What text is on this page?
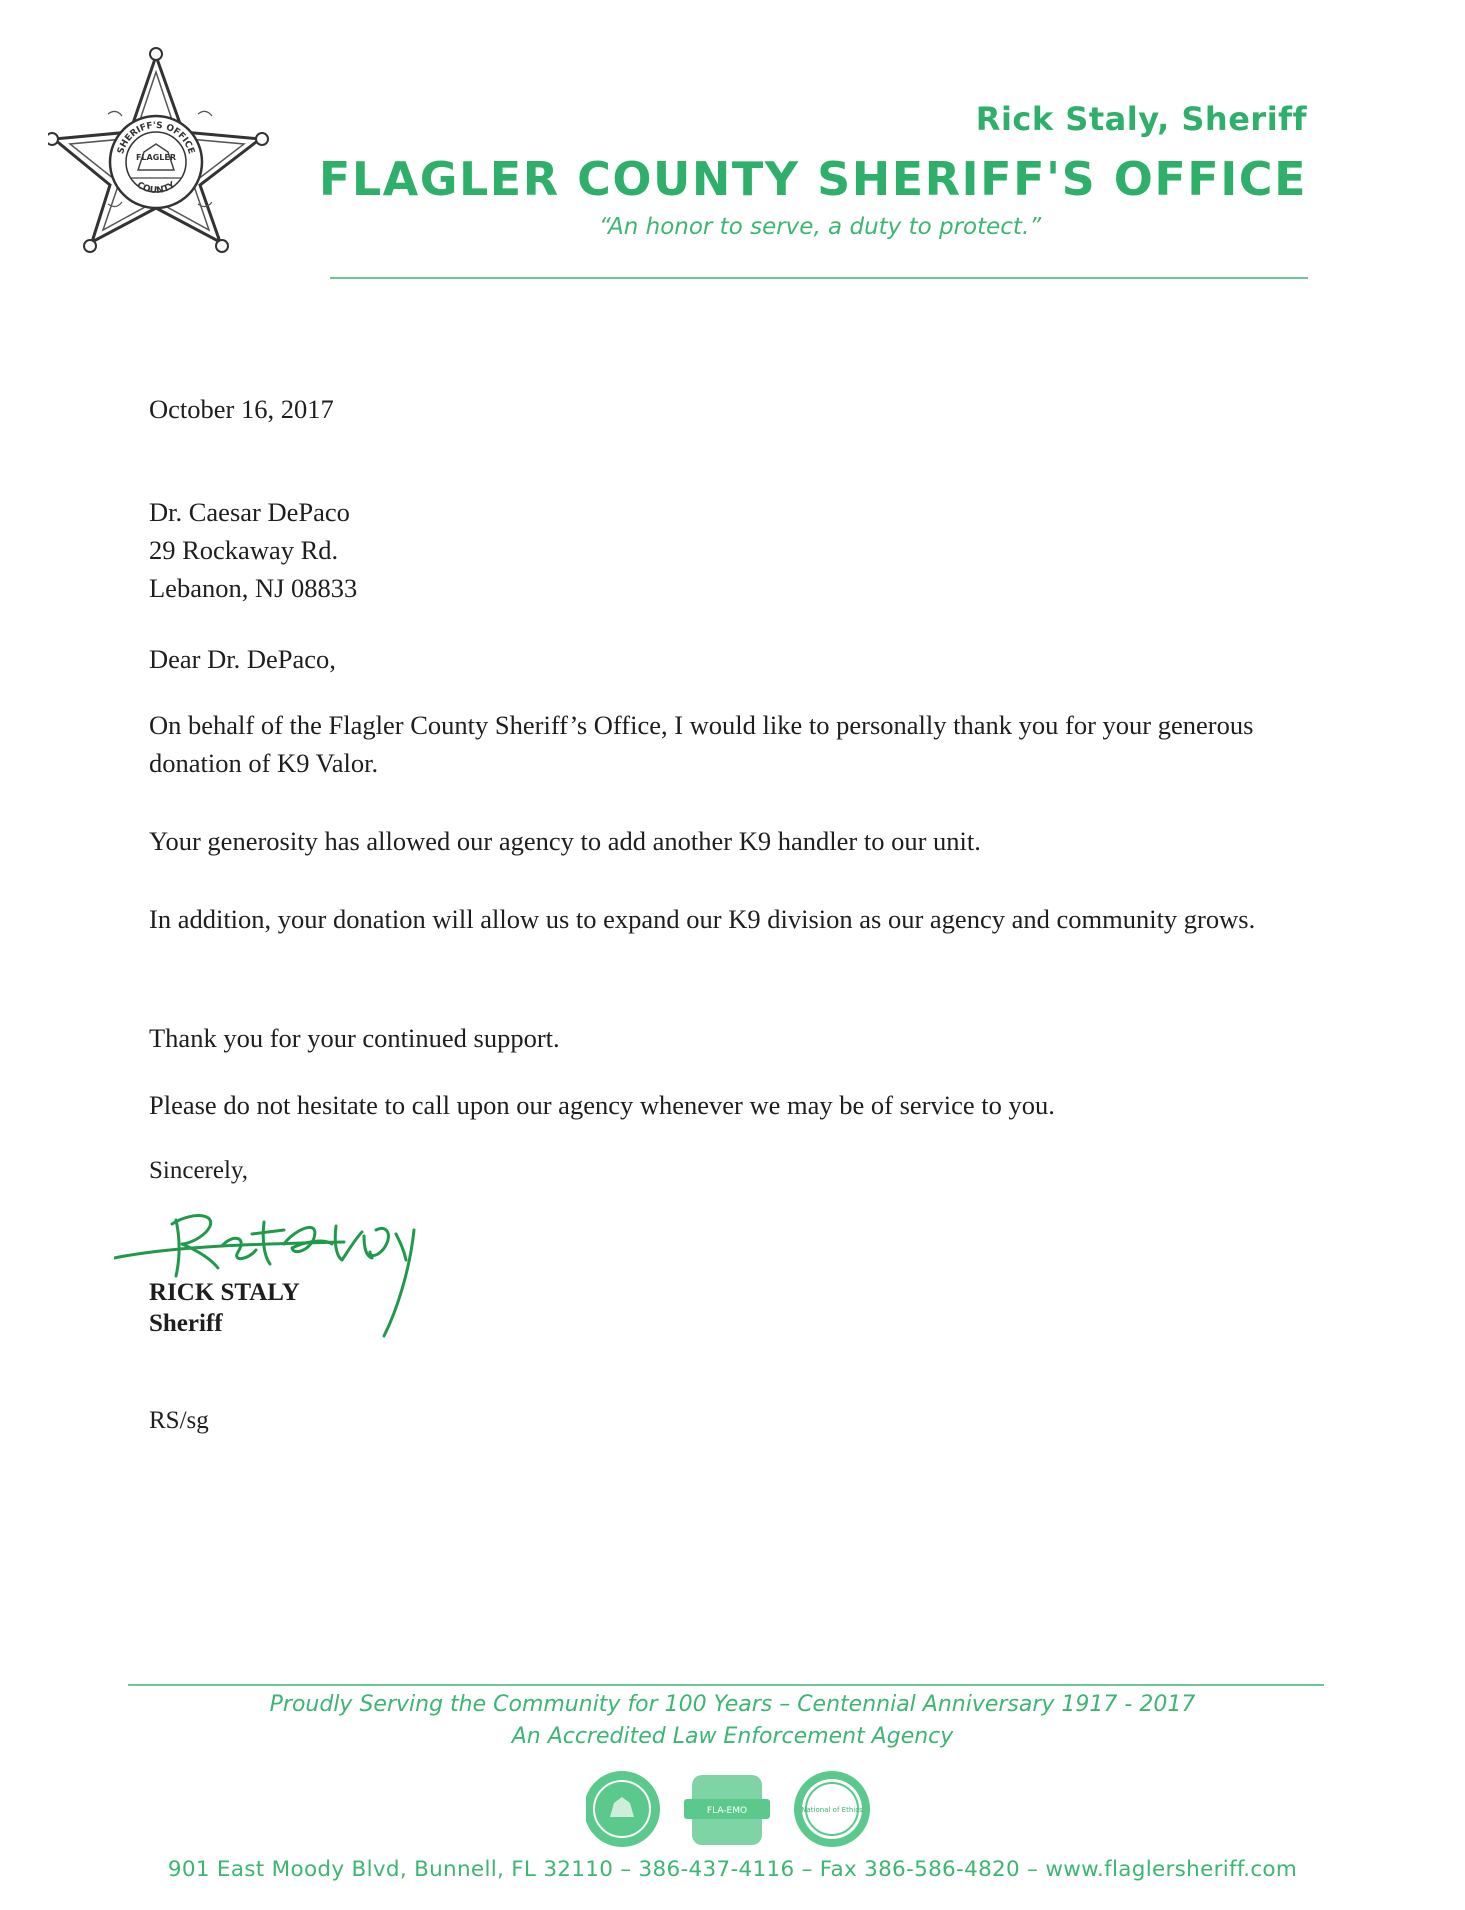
SHERIFF'S OFFICE
FLAGLER
COUNTY
Rick Staly, Sheriff
FLAGLER COUNTY SHERIFF'S OFFICE
“An honor to serve, a duty to protect.”
October 16, 2017
Dr. Caesar DePaco
29 Rockaway Rd.
Lebanon, NJ 08833
Dear Dr. DePaco,
On behalf of the Flagler County Sheriff’s Office, I would like to personally thank you for your generous donation of K9 Valor.
Your generosity has allowed our agency to add another K9 handler to our unit.
In addition, your donation will allow us to expand our K9 division as our agency and community grows.
Thank you for your continued support.
Please do not hesitate to call upon our agency whenever we may be of service to you.
Sincerely,
RICK STALY
Sheriff
RS/sg
Proudly Serving the Community for 100 Years – Centennial Anniversary 1917 - 2017
An Accredited Law Enforcement Agency
FLA-EMO	National of Ethics
901 East Moody Blvd, Bunnell, FL 32110 – 386-437-4116 – Fax 386-586-4820 – www.flaglersheriff.com
